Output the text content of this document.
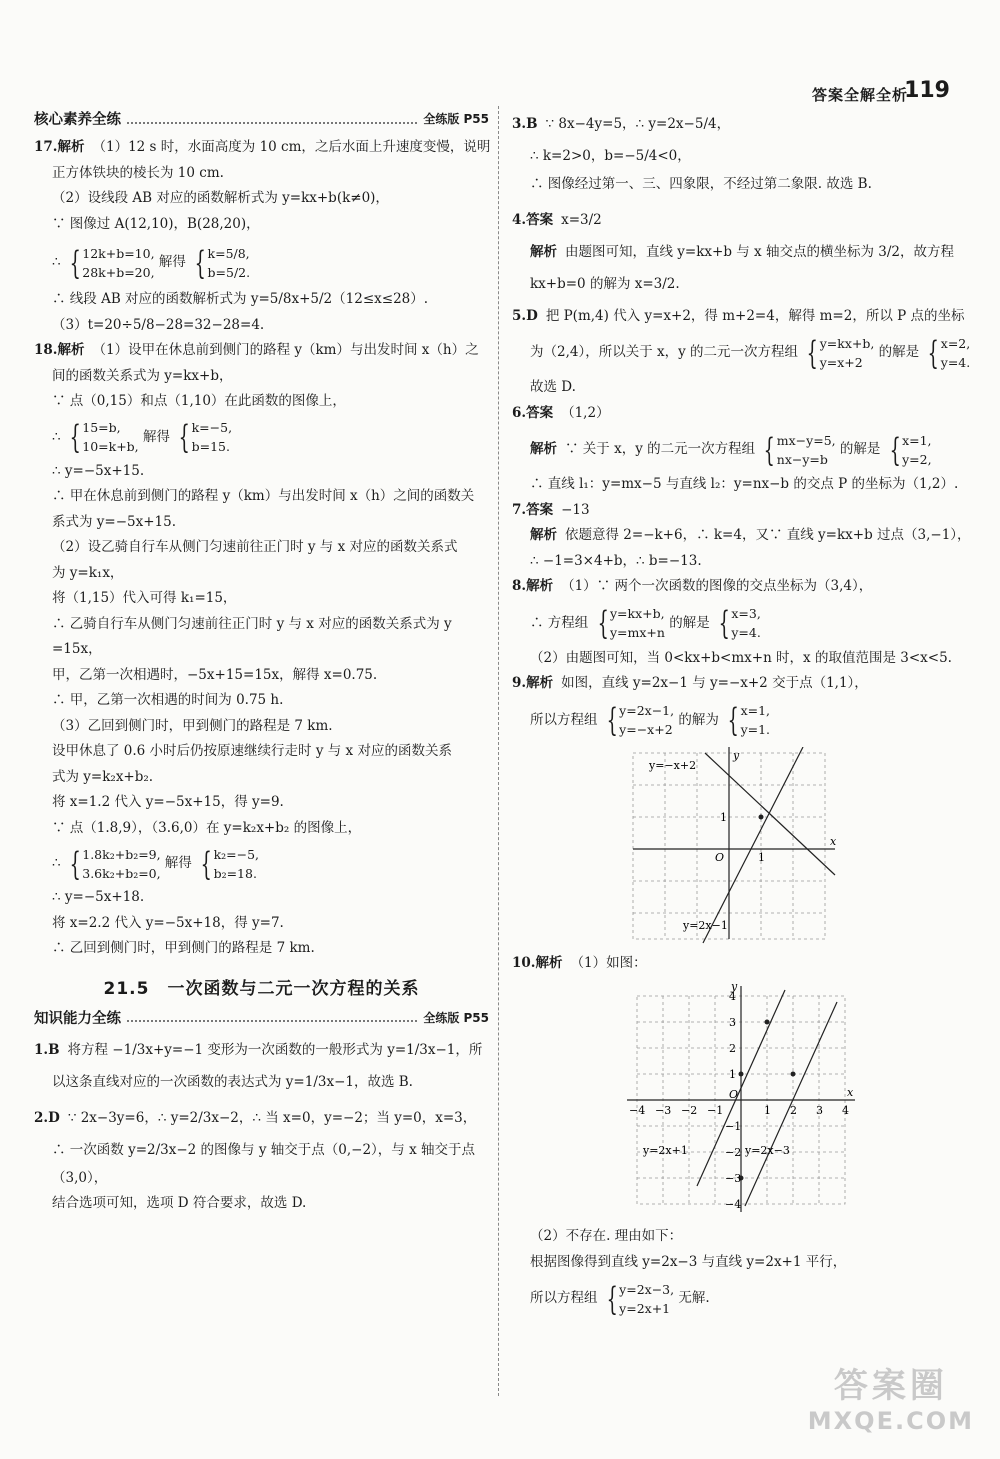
答案全解全析
119
核心素养全练	全练版 P55
17.解析 （1）12 s 时，水面高度为 10 cm，之后水面上升速度变慢，说明
正方体铁块的棱长为 10 cm.
（2）设线段 AB 对应的函数解析式为 y=kx+b(k≠0)，
∵ 图像过 A(12,10)，B(28,20)，
∴ { 12k+b=10,
28k+b=20,
解得 { k=5/8,
b=5/2.
∴ 线段 AB 对应的函数解析式为 y=5/8x+5/2（12≤x≤28）.
（3）t=20÷5/8−28=32−28=4.
18.解析 （1）设甲在休息前到侧门的路程 y（km）与出发时间 x（h）之
间的函数关系式为 y=kx+b，
∵ 点（0,15）和点（1,10）在此函数的图像上，
∴ { 15=b,
10=k+b,
解得 { k=−5,
b=15.
∴ y=−5x+15.
∴ 甲在休息前到侧门的路程 y（km）与出发时间 x（h）之间的函数关
系式为 y=−5x+15.
（2）设乙骑自行车从侧门匀速前往正门时 y 与 x 对应的函数关系式
为 y=k₁x，
将（1,15）代入可得 k₁=15，
∴ 乙骑自行车从侧门匀速前往正门时 y 与 x 对应的函数关系式为 y
=15x，
甲，乙第一次相遇时，−5x+15=15x，解得 x=0.75.
∴ 甲，乙第一次相遇的时间为 0.75 h.
（3）乙回到侧门时，甲到侧门的路程是 7 km.
设甲休息了 0.6 小时后仍按原速继续行走时 y 与 x 对应的函数关系
式为 y=k₂x+b₂.
将 x=1.2 代入 y=−5x+15，得 y=9.
∵ 点（1.8,9），（3.6,0）在 y=k₂x+b₂ 的图像上，
∴ { 1.8k₂+b₂=9,
3.6k₂+b₂=0,
解得 { k₂=−5,
b₂=18.
∴ y=−5x+18.
将 x=2.2 代入 y=−5x+18，得 y=7.
∴ 乙回到侧门时，甲到侧门的路程是 7 km.
21.5 一次函数与二元一次方程的关系
知识能力全练	全练版 P55
1.B 将方程 −1/3x+y=−1 变形为一次函数的一般形式为 y=1/3x−1，所
以这条直线对应的一次函数的表达式为 y=1/3x−1，故选 B.
2.D ∵ 2x−3y=6，∴ y=2/3x−2，∴ 当 x=0，y=−2；当 y=0，x=3，
∴ 一次函数 y=2/3x−2 的图像与 y 轴交于点（0,−2），与 x 轴交于点
（3,0），
结合选项可知，选项 D 符合要求，故选 D.
3.B ∵ 8x−4y=5，∴ y=2x−5/4，
∴ k=2>0，b=−5/4<0，
∴ 图像经过第一、三、四象限，不经过第二象限. 故选 B.
4.答案 x=3/2
解析 由题图可知，直线 y=kx+b 与 x 轴交点的横坐标为 3/2，故方程
kx+b=0 的解为 x=3/2.
5.D 把 P(m,4) 代入 y=x+2，得 m+2=4，解得 m=2，所以 P 点的坐标
为（2,4），所以关于 x，y 的二元一次方程组 { y=kx+b,
y=x+2
的解是 { x=2,
y=4.
故选 D.
6.答案 （1,2）
解析 ∵ 关于 x，y 的二元一次方程组 { mx−y=5,
nx−y=b
的解是 { x=1,
y=2,
∴ 直线 l₁：y=mx−5 与直线 l₂：y=nx−b 的交点 P 的坐标为（1,2）.
7.答案 −13
解析 依题意得 2=−k+6，∴ k=4，又∵ 直线 y=kx+b 过点（3,−1），
∴ −1=3×4+b，∴ b=−13.
8.解析 （1）∵ 两个一次函数的图像的交点坐标为（3,4），
∴ 方程组 { y=kx+b,
y=mx+n
的解是 { x=3,
y=4.
（2）由题图可知，当 0<kx+b<mx+n 时，x 的取值范围是 3<x<5.
9.解析 如图，直线 y=2x−1 与 y=−x+2 交于点（1,1），
所以方程组 { y=2x−1,
y=−x+2
的解为 { x=1,
y=1.
y=−x+2
y=2x−1
x
y
O	1
1
10.解析 （1）如图：
−4 −3 −2 −1	1 2 3 4
4
3
2
1
−1
−2
−3
−4
y=2x+1	y=2x−3
x
y
O
（2）不存在. 理由如下：
根据图像得到直线 y=2x−3 与直线 y=2x+1 平行，
所以方程组 { y=2x−3,
y=2x+1
无解.
答案圈
MXQE.COM
